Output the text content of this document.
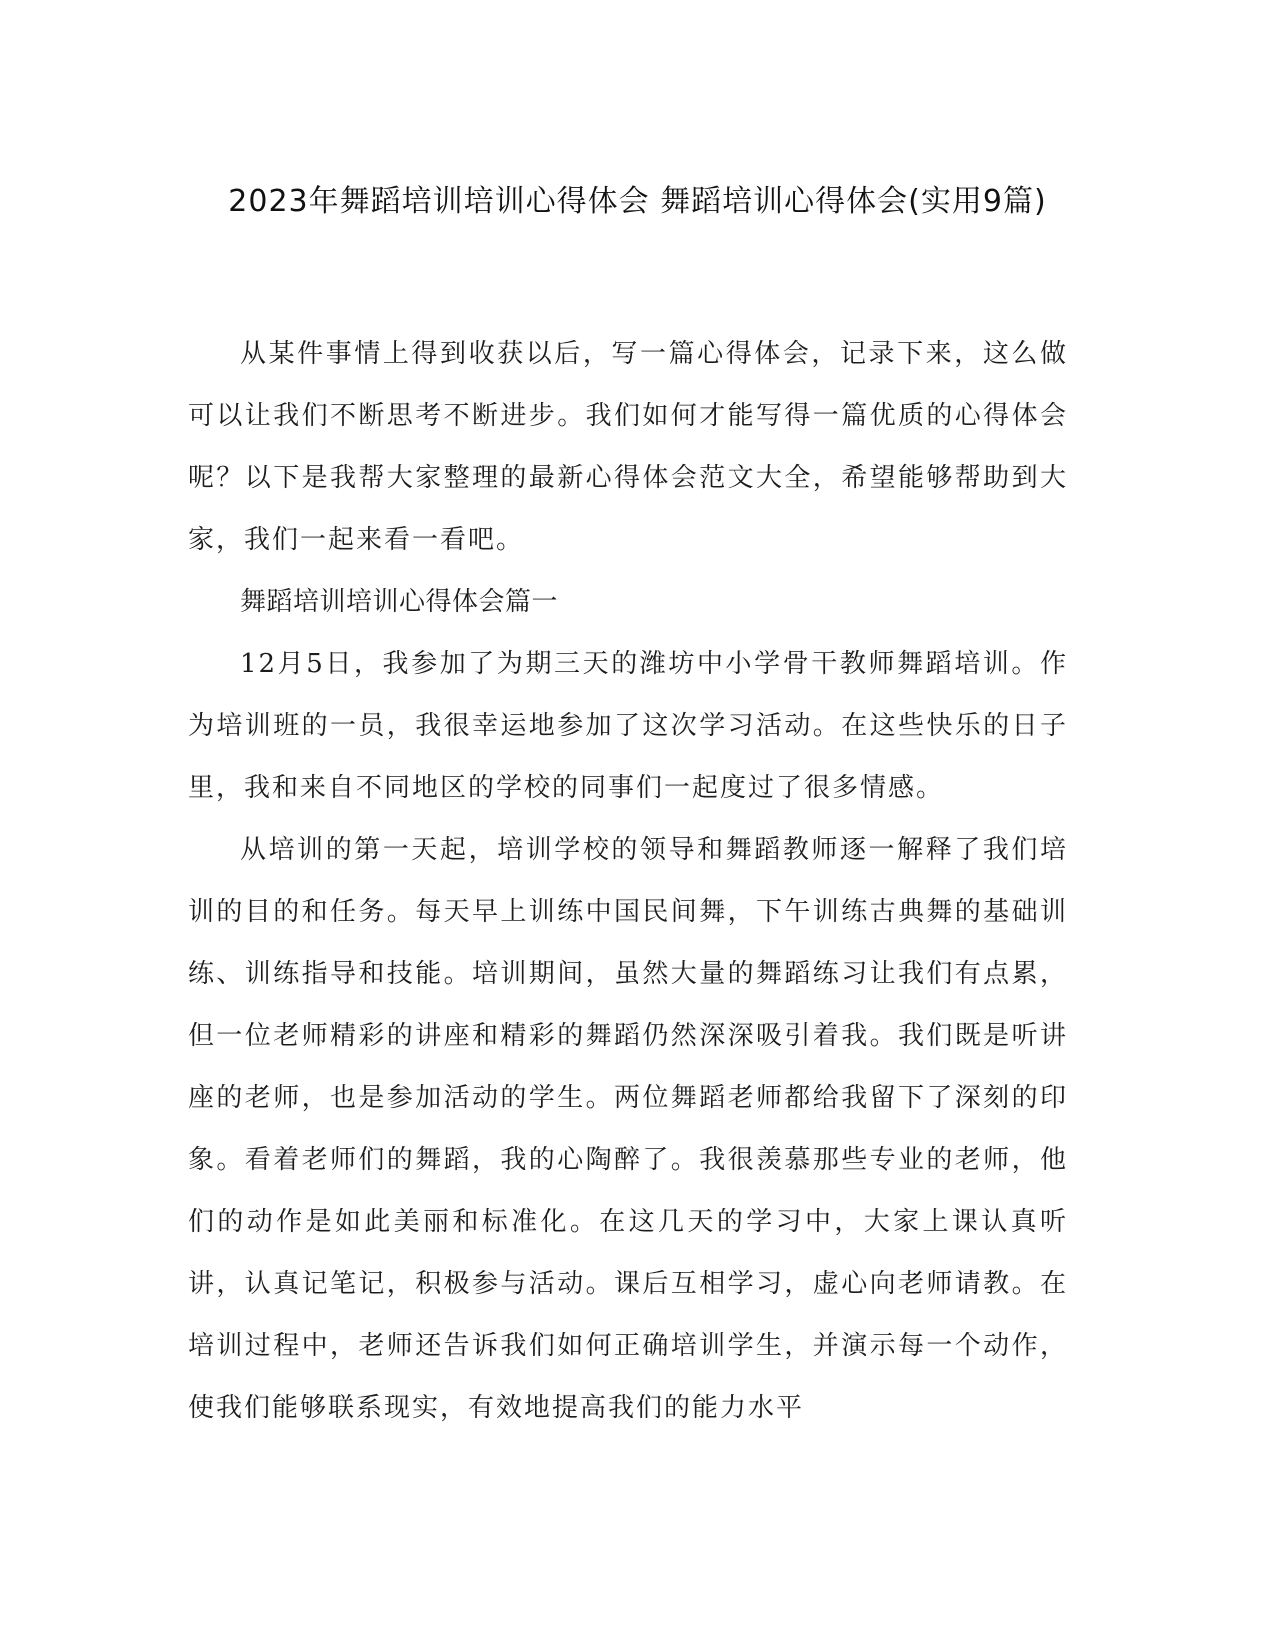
2023年舞蹈培训培训心得体会 舞蹈培训心得体会(实用9篇)

从某件事情上得到收获以后，写一篇心得体会，记录下来，这么做可以让我们不断思考不断进步。我们如何才能写得一篇优质的心得体会呢？以下是我帮大家整理的最新心得体会范文大全，希望能够帮助到大家，我们一起来看一看吧。

舞蹈培训培训心得体会篇一

12月5日，我参加了为期三天的潍坊中小学骨干教师舞蹈培训。作为培训班的一员，我很幸运地参加了这次学习活动。在这些快乐的日子里，我和来自不同地区的学校的同事们一起度过了很多情感。

从培训的第一天起，培训学校的领导和舞蹈教师逐一解释了我们培训的目的和任务。每天早上训练中国民间舞，下午训练古典舞的基础训练、训练指导和技能。培训期间，虽然大量的舞蹈练习让我们有点累，但一位老师精彩的讲座和精彩的舞蹈仍然深深吸引着我。我们既是听讲座的老师，也是参加活动的学生。两位舞蹈老师都给我留下了深刻的印象。看着老师们的舞蹈，我的心陶醉了。我很羡慕那些专业的老师，他们的动作是如此美丽和标准化。在这几天的学习中，大家上课认真听讲，认真记笔记，积极参与活动。课后互相学习，虚心向老师请教。在培训过程中，老师还告诉我们如何正确培训学生，并演示每一个动作，使我们能够联系现实，有效地提高我们的能力水平
